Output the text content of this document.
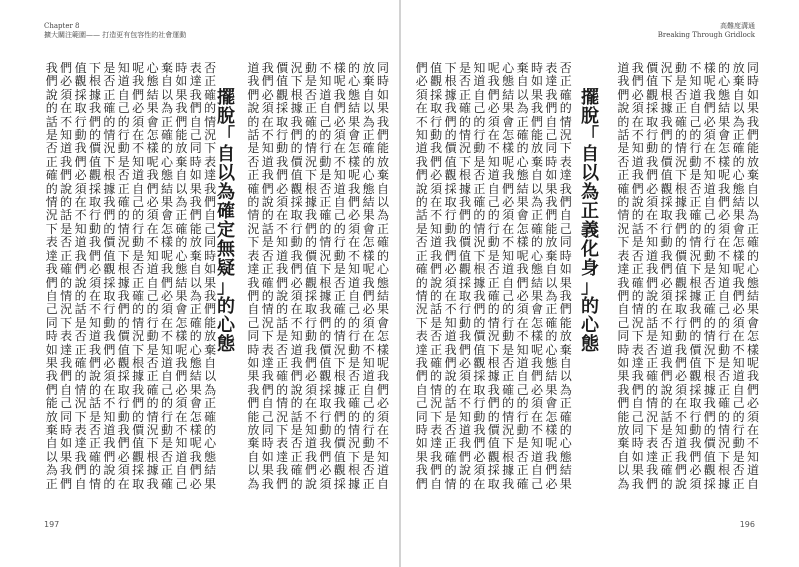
Chapter 8
擴大關注範圍—— 打造更有包容性的社會運動
高難度溝通
Breaking Through Gridlock
197	196
擺
脫
「
自
以
為
正
義
化
身
」
的
心
態
擺
脫
「
自
以
為
確
定
無
疑
」
的
心
態
同
時
如
果
我
們
能
放
棄
自
以
為
正
確
的
心
態
結
果
會
怎
樣
呢
我
們
必
須
在
不
知
道
自
放
棄
自
以
為
正
確
的
心
態
結
果
會
怎
樣
呢
我
們
必
須
在
不
知
道
自
己
的
行
動
是
否
正
的
心
態
結
果
會
怎
樣
呢
我
們
必
須
在
不
知
道
自
己
的
行
動
是
否
正
確
的
情
況
下
根
據
樣
呢
我
們
必
須
在
不
知
道
自
己
的
行
動
是
否
正
確
的
情
況
下
根
據
我
們
的
價
值
觀
採
不
知
道
自
己
的
行
動
是
否
正
確
的
情
況
下
根
據
我
們
的
價
值
觀
採
取
行
動
我
們
必
須
動
是
否
正
確
的
情
況
下
根
據
我
們
的
價
值
觀
採
取
行
動
我
們
必
須
在
不
知
道
我
們
說
況
下
根
據
我
們
的
價
值
觀
採
取
行
動
我
們
必
須
在
不
知
道
我
們
說
的
話
是
否
正
確
的
價
值
觀
採
取
行
動
我
們
必
須
在
不
知
道
我
們
說
的
話
是
否
正
確
的
情
況
下
表
達
我
們
我
們
必
須
在
不
知
道
我
們
說
的
話
是
否
正
確
的
情
況
下
表
達
我
們
自
己
同
時
如
果
我
道
我
們
說
的
話
是
否
正
確
的
情
況
下
表
達
我
們
自
己
同
時
如
果
我
們
能
放
棄
自
以
為
否
正
確
的
情
況
下
表
達
我
們
自
己
同
時
如
果
我
們
能
放
棄
自
以
為
正
確
的
心
態
結
果
表
達
我
們
自
己
同
時
如
果
我
們
能
放
棄
自
以
為
正
確
的
心
態
結
果
會
怎
樣
呢
我
們
必
時
如
果
我
們
能
放
棄
自
以
為
正
確
的
心
態
結
果
會
怎
樣
呢
我
們
必
須
在
不
知
道
自
己
棄
自
以
為
正
確
的
心
態
結
果
會
怎
樣
呢
我
們
必
須
在
不
知
道
自
己
的
行
動
是
否
正
確
心
態
結
果
會
怎
樣
呢
我
們
必
須
在
不
知
道
自
己
的
行
動
是
否
正
確
的
情
況
下
根
據
我
呢
我
們
必
須
在
不
知
道
自
己
的
行
動
是
否
正
確
的
情
況
下
根
據
我
們
的
價
值
觀
採
取
知
道
自
己
的
行
動
是
否
正
確
的
情
況
下
根
據
我
們
的
價
值
觀
採
取
行
動
我
們
必
須
在
是
否
正
確
的
情
況
下
根
據
我
們
的
價
值
觀
採
取
行
動
我
們
必
須
在
不
知
道
我
們
說
的
下
根
據
我
們
的
價
值
觀
採
取
行
動
我
們
必
須
在
不
知
道
我
們
說
的
話
是
否
正
確
的
情
值
觀
採
取
行
動
我
們
必
須
在
不
知
道
我
們
說
的
話
是
否
正
確
的
情
況
下
表
達
我
們
自
們
必
須
在
不
知
道
我
們
說
的
話
是
否
正
確
的
情
況
下
表
達
我
們
自
己
同
時
如
果
我
們
同
時
如
果
我
們
能
放
棄
自
以
為
正
確
的
心
態
結
果
會
怎
樣
呢
我
們
必
須
在
不
知
道
自
放
棄
自
以
為
正
確
的
心
態
結
果
會
怎
樣
呢
我
們
必
須
在
不
知
道
自
己
的
行
動
是
否
正
的
心
態
結
果
會
怎
樣
呢
我
們
必
須
在
不
知
道
自
己
的
行
動
是
否
正
確
的
情
況
下
根
據
樣
呢
我
們
必
須
在
不
知
道
自
己
的
行
動
是
否
正
確
的
情
況
下
根
據
我
們
的
價
值
觀
採
不
知
道
自
己
的
行
動
是
否
正
確
的
情
況
下
根
據
我
們
的
價
值
觀
採
取
行
動
我
們
必
須
動
是
否
正
確
的
情
況
下
根
據
我
們
的
價
值
觀
採
取
行
動
我
們
必
須
在
不
知
道
我
們
說
況
下
根
據
我
們
的
價
值
觀
採
取
行
動
我
們
必
須
在
不
知
道
我
們
說
的
話
是
否
正
確
的
價
值
觀
採
取
行
動
我
們
必
須
在
不
知
道
我
們
說
的
話
是
否
正
確
的
情
況
下
表
達
我
們
我
們
必
須
在
不
知
道
我
們
說
的
話
是
否
正
確
的
情
況
下
表
達
我
們
自
己
同
時
如
果
我
道
我
們
說
的
話
是
否
正
確
的
情
況
下
表
達
我
們
自
己
同
時
如
果
我
們
能
放
棄
自
以
為
否
正
確
的
情
況
下
表
達
我
們
自
己
同
時
如
果
我
們
能
放
棄
自
以
為
正
確
的
心
態
結
果
表
達
我
們
自
己
同
時
如
果
我
們
能
放
棄
自
以
為
正
確
的
心
態
結
果
會
怎
樣
呢
我
們
必
時
如
果
我
們
能
放
棄
自
以
為
正
確
的
心
態
結
果
會
怎
樣
呢
我
們
必
須
在
不
知
道
自
己
棄
自
以
為
正
確
的
心
態
結
果
會
怎
樣
呢
我
們
必
須
在
不
知
道
自
己
的
行
動
是
否
正
確
心
態
結
果
會
怎
樣
呢
我
們
必
須
在
不
知
道
自
己
的
行
動
是
否
正
確
的
情
況
下
根
據
我
呢
我
們
必
須
在
不
知
道
自
己
的
行
動
是
否
正
確
的
情
況
下
根
據
我
們
的
價
值
觀
採
取
知
道
自
己
的
行
動
是
否
正
確
的
情
況
下
根
據
我
們
的
價
值
觀
採
取
行
動
我
們
必
須
在
是
否
正
確
的
情
況
下
根
據
我
們
的
價
值
觀
採
取
行
動
我
們
必
須
在
不
知
道
我
們
說
的
下
根
據
我
們
的
價
值
觀
採
取
行
動
我
們
必
須
在
不
知
道
我
們
說
的
話
是
否
正
確
的
情
值
觀
採
取
行
動
我
們
必
須
在
不
知
道
我
們
說
的
話
是
否
正
確
的
情
況
下
表
達
我
們
自
們
必
須
在
不
知
道
我
們
說
的
話
是
否
正
確
的
情
況
下
表
達
我
們
自
己
同
時
如
果
我
們
我
們
說
的
話
是
否
正
確
的
情
況
下
表
達
我
們
自
己
同
時
如
果
我
們
能
放
棄
自
以
為
正
